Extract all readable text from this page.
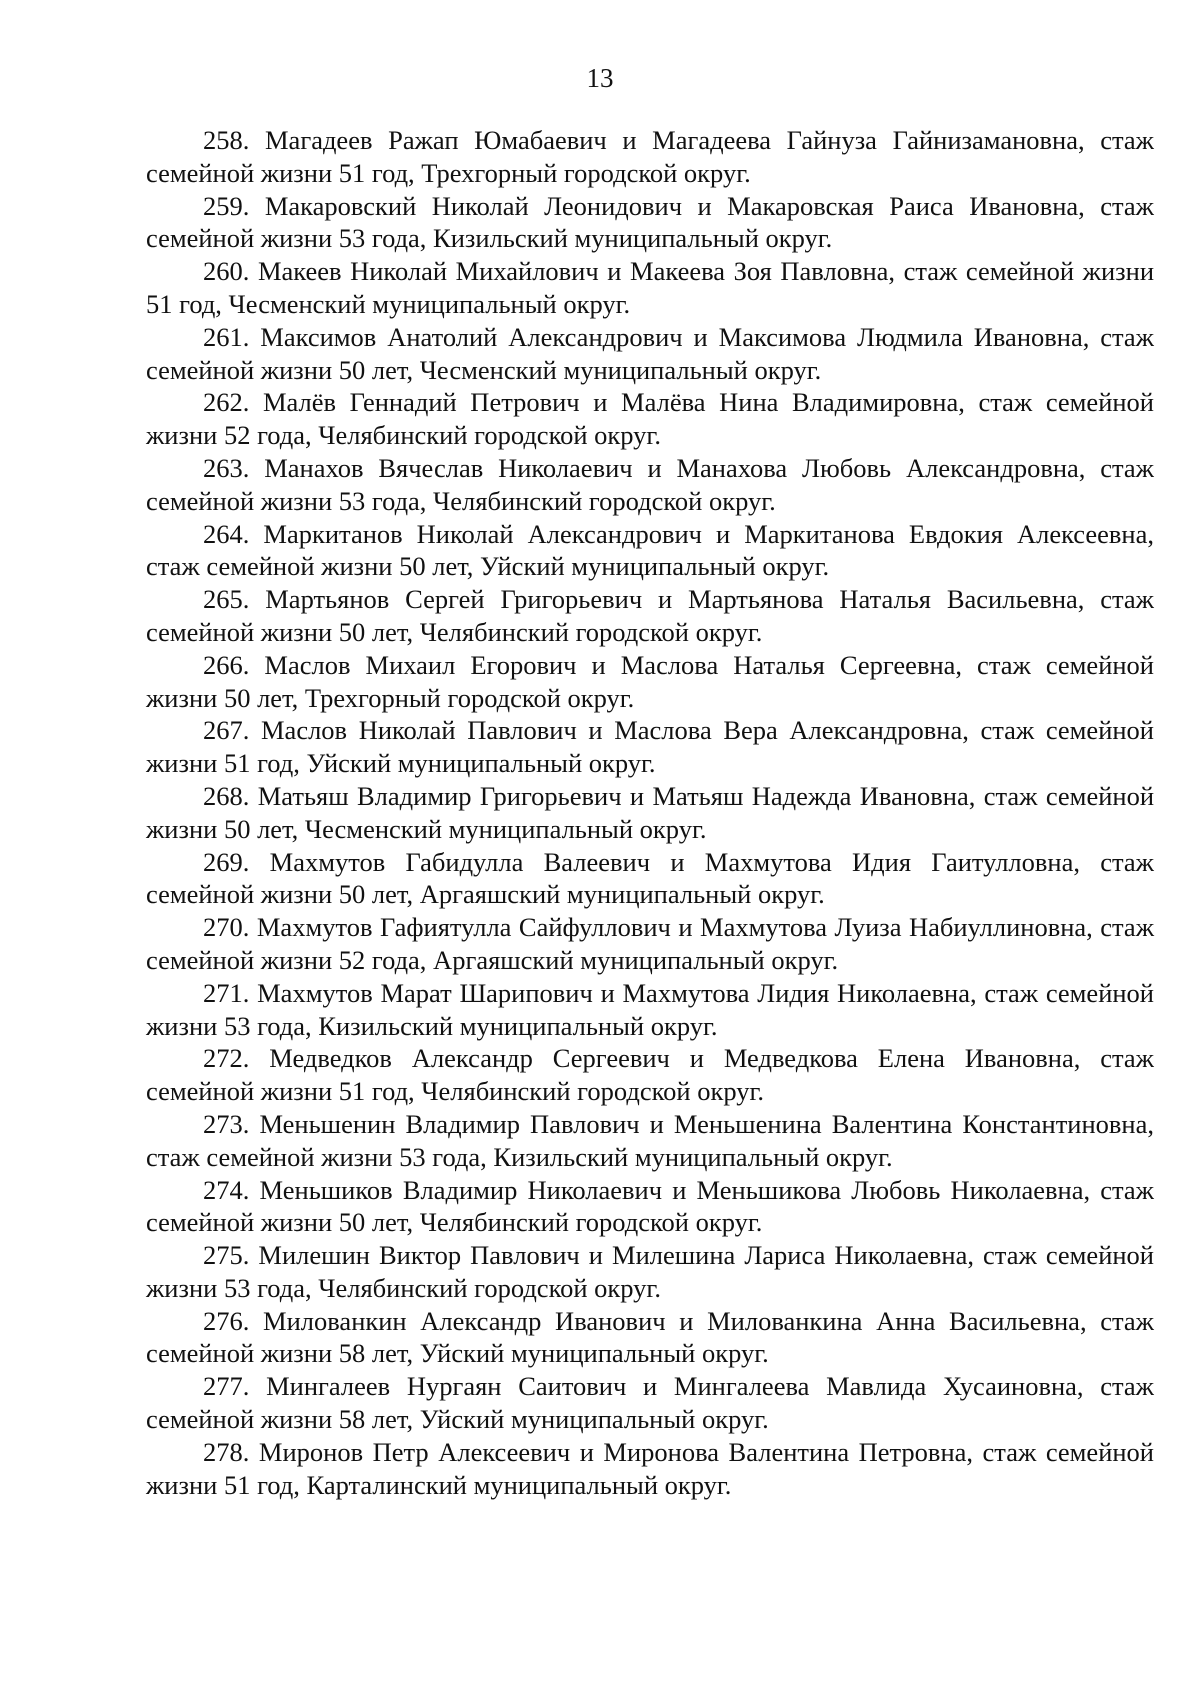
13

258. Магадеев Ражап Юмабаевич и Магадеева Гайнуза Гайнизамановна, стаж семейной жизни 51 год, Трехгорный городской округ.

259. Макаровский Николай Леонидович и Макаровская Раиса Ивановна, стаж семейной жизни 53 года, Кизильский муниципальный округ.

260. Макеев Николай Михайлович и Макеева Зоя Павловна, стаж семейной жизни 51 год, Чесменский муниципальный округ.

261. Максимов Анатолий Александрович и Максимова Людмила Ивановна, стаж семейной жизни 50 лет, Чесменский муниципальный округ.

262. Малёв Геннадий Петрович и Малёва Нина Владимировна, стаж семейной жизни 52 года, Челябинский городской округ.

263. Манахов Вячеслав Николаевич и Манахова Любовь Александровна, стаж семейной жизни 53 года, Челябинский городской округ.

264. Маркитанов Николай Александрович и Маркитанова Евдокия Алексеевна, стаж семейной жизни 50 лет, Уйский муниципальный округ.

265. Мартьянов Сергей Григорьевич и Мартьянова Наталья Васильевна, стаж семейной жизни 50 лет, Челябинский городской округ.

266. Маслов Михаил Егорович и Маслова Наталья Сергеевна, стаж семейной жизни 50 лет, Трехгорный городской округ.

267. Маслов Николай Павлович и Маслова Вера Александровна, стаж семейной жизни 51 год, Уйский муниципальный округ.

268. Матьяш Владимир Григорьевич и Матьяш Надежда Ивановна, стаж семейной жизни 50 лет, Чесменский муниципальный округ.

269. Махмутов Габидулла Валеевич и Махмутова Идия Гаитулловна, стаж семейной жизни 50 лет, Аргаяшский муниципальный округ.

270. Махмутов Гафиятулла Сайфуллович и Махмутова Луиза Набиуллиновна, стаж семейной жизни 52 года, Аргаяшский муниципальный округ.

271. Махмутов Марат Шарипович и Махмутова Лидия Николаевна, стаж семейной жизни 53 года, Кизильский муниципальный округ.

272. Медведков Александр Сергеевич и Медведкова Елена Ивановна, стаж семейной жизни 51 год, Челябинский городской округ.

273. Меньшенин Владимир Павлович и Меньшенина Валентина Константиновна, стаж семейной жизни 53 года, Кизильский муниципальный округ.

274. Меньшиков Владимир Николаевич и Меньшикова Любовь Николаевна, стаж семейной жизни 50 лет, Челябинский городской округ.

275. Милешин Виктор Павлович и Милешина Лариса Николаевна, стаж семейной жизни 53 года, Челябинский городской округ.

276. Милованкин Александр Иванович и Милованкина Анна Васильевна, стаж семейной жизни 58 лет, Уйский муниципальный округ.

277. Мингалеев Нургаян Саитович и Мингалеева Мавлида Хусаиновна, стаж семейной жизни 58 лет, Уйский муниципальный округ.

278. Миронов Петр Алексеевич и Миронова Валентина Петровна, стаж семейной жизни 51 год, Карталинский муниципальный округ.
